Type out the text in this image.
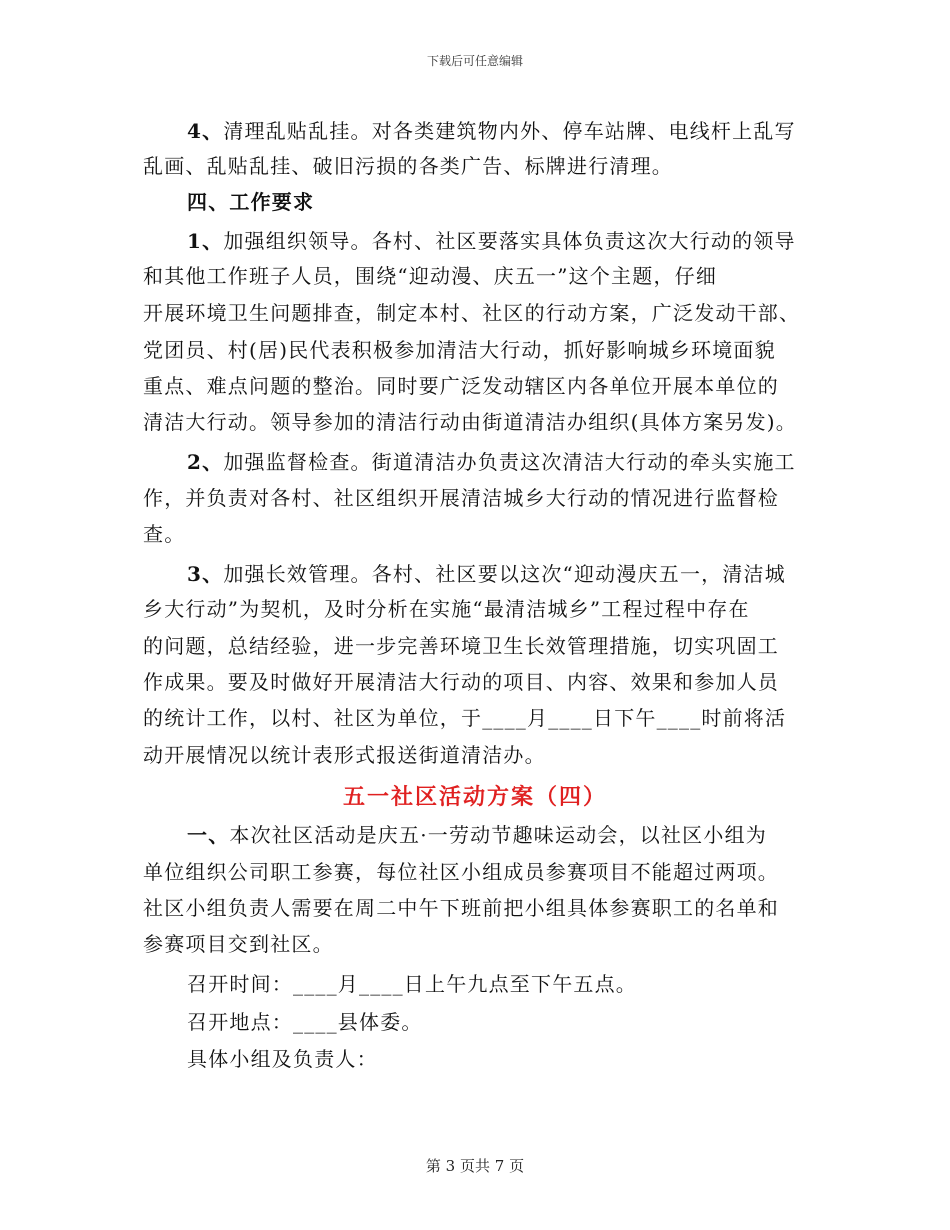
下载后可任意编辑
4、清理乱贴乱挂。对各类建筑物内外、停车站牌、电线杆上乱写
乱画、乱贴乱挂、破旧污损的各类广告、标牌进行清理。
四、工作要求
1、加强组织领导。各村、社区要落实具体负责这次大行动的领导
和其他工作班子人员，围绕“迎动漫、庆五一”这个主题，仔细
开展环境卫生问题排查，制定本村、社区的行动方案，广泛发动干部、
党团员、村(居)民代表积极参加清洁大行动，抓好影响城乡环境面貌
重点、难点问题的整治。同时要广泛发动辖区内各单位开展本单位的
清洁大行动。领导参加的清洁行动由街道清洁办组织(具体方案另发)。
2、加强监督检查。街道清洁办负责这次清洁大行动的牵头实施工
作，并负责对各村、社区组织开展清洁城乡大行动的情况进行监督检
查。
3、加强长效管理。各村、社区要以这次“迎动漫庆五一，清洁城
乡大行动”为契机，及时分析在实施“最清洁城乡”工程过程中存在
的问题，总结经验，进一步完善环境卫生长效管理措施，切实巩固工
作成果。要及时做好开展清洁大行动的项目、内容、效果和参加人员
的统计工作，以村、社区为单位，于____月____日下午____时前将活
动开展情况以统计表形式报送街道清洁办。
五一社区活动方案（四）
一、本次社区活动是庆五·一劳动节趣味运动会，以社区小组为
单位组织公司职工参赛，每位社区小组成员参赛项目不能超过两项。
社区小组负责人需要在周二中午下班前把小组具体参赛职工的名单和
参赛项目交到社区。
召开时间：____月____日上午九点至下午五点。
召开地点：____县体委。
具体小组及负责人：
第 3 页共 7 页
